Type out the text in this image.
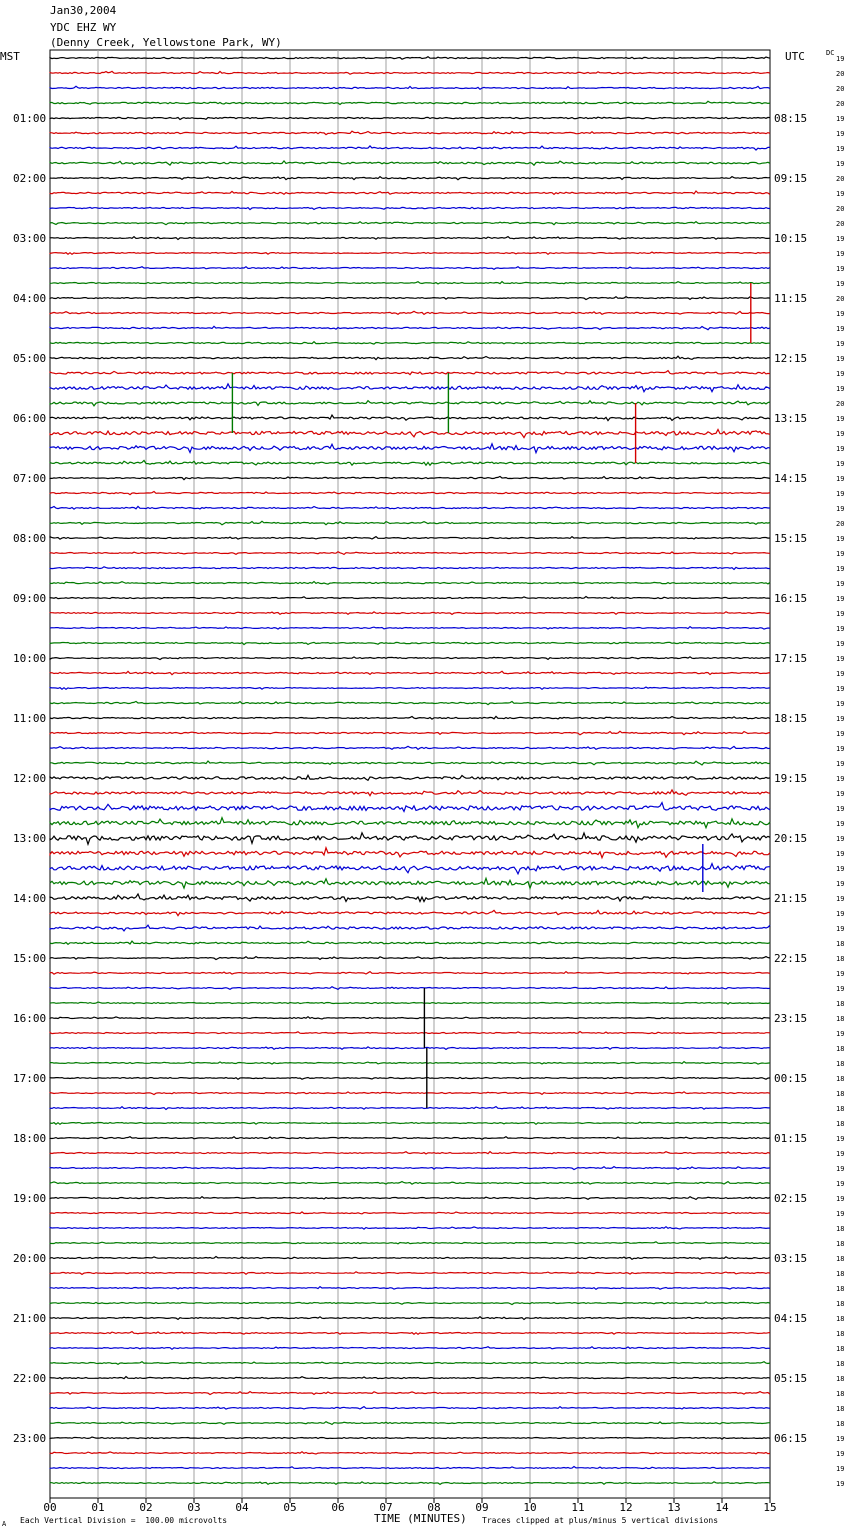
Jan30,2004
YDC EHZ WY
(Denny Creek, Yellowstone Park, WY)
MST	UTC	DC
19
20
20
20
19
19
19
19
20
19
20
20
19
19
19
19
20
19
19
19
19
19
19
20
19
19
19
19
19
19
19
20
19
19
19
19
19
19
19
19
19
19
19
19
19
19
19
19
19
19
19
19
19
19
19
19
19
19
19
18
18
19
19
18
18
19
18
18
18
18
18
18
19
19
19
19
19
19
18
18
18
18
18
18
18
18
18
18
18
18
18
18
19
19
19
19
01:00	08:15
02:00	09:15
03:00	10:15
04:00	11:15
05:00	12:15
06:00	13:15
07:00	14:15
08:00	15:15
09:00	16:15
10:00	17:15
11:00	18:15
12:00	19:15
13:00	20:15
14:00	21:15
15:00	22:15
16:00	23:15
17:00	00:15
18:00	01:15
19:00	02:15
20:00	03:15
21:00	04:15
22:00	05:15
23:00	06:15
00	01	02	03	04	05	06	07	08	09	10	11	12	13	14	15
A Each Vertical Division =  100.00 microvolts	TIME (MINUTES) Traces clipped at plus/minus 5 vertical divisions
